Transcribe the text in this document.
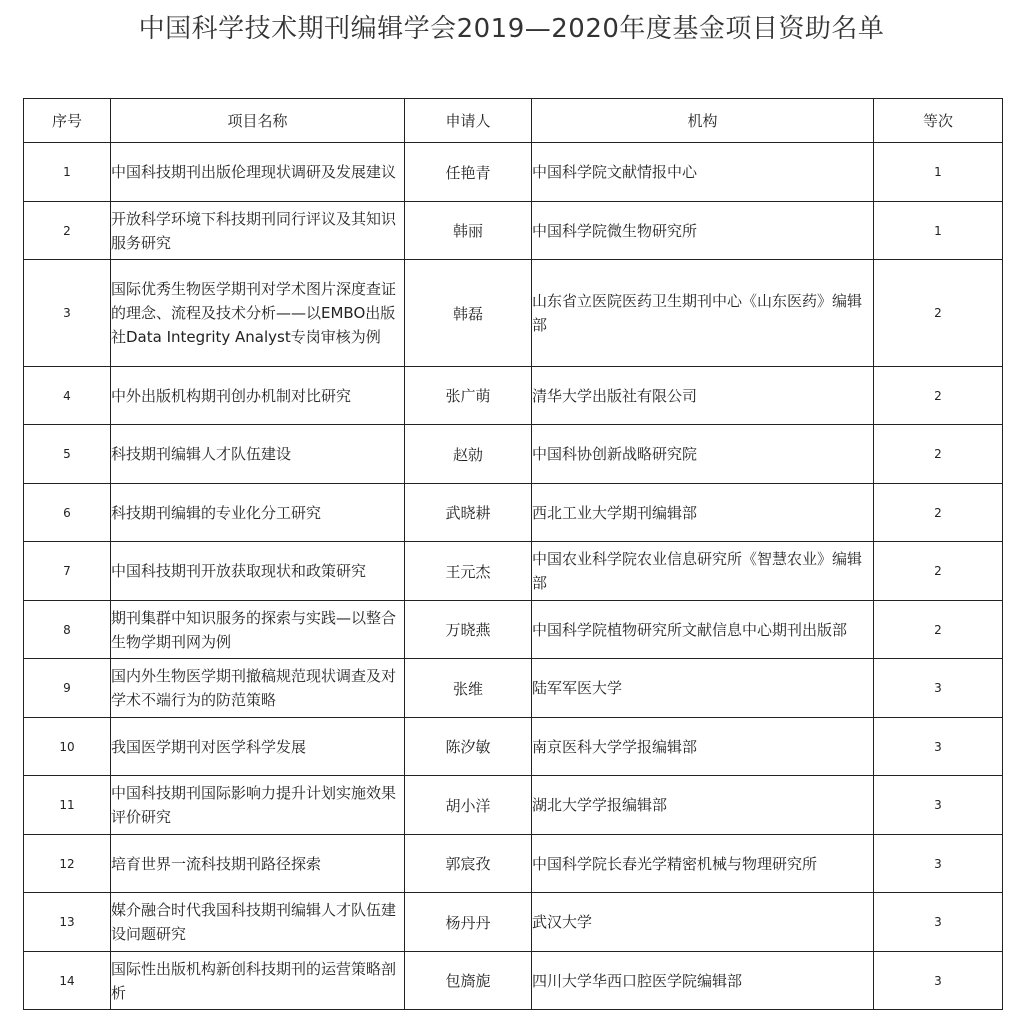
中国科学技术期刊编辑学会2019—2020年度基金项目资助名单
序号	项目名称	申请人	机构	等次
1	中国科技期刊出版伦理现状调研及发展建议	任艳青	中国科学院文献情报中心	1
2	开放科学环境下科技期刊同行评议及其知识服务研究	韩丽	中国科学院微生物研究所	1
3	国际优秀生物医学期刊对学术图片深度查证的理念、流程及技术分析——以EMBO出版社Data Integrity Analyst专岗审核为例	韩磊	山东省立医院医药卫生期刊中心《山东医药》编辑部	2
4	中外出版机构期刊创办机制对比研究	张广萌	清华大学出版社有限公司	2
5	科技期刊编辑人才队伍建设	赵勍	中国科协创新战略研究院	2
6	科技期刊编辑的专业化分工研究	武晓耕	西北工业大学期刊编辑部	2
7	中国科技期刊开放获取现状和政策研究	王元杰	中国农业科学院农业信息研究所《智慧农业》编辑部	2
8	期刊集群中知识服务的探索与实践—以整合生物学期刊网为例	万晓燕	中国科学院植物研究所文献信息中心期刊出版部	2
9	国内外生物医学期刊撤稿规范现状调查及对学术不端行为的防范策略	张维	陆军军医大学	3
10	我国医学期刊对医学科学发展	陈汐敏	南京医科大学学报编辑部	3
11	中国科技期刊国际影响力提升计划实施效果评价研究	胡小洋	湖北大学学报编辑部	3
12	培育世界一流科技期刊路径探索	郭宸孜	中国科学院长春光学精密机械与物理研究所	3
13	媒介融合时代我国科技期刊编辑人才队伍建设问题研究	杨丹丹	武汉大学	3
14	国际性出版机构新创科技期刊的运营策略剖析	包旖旎	四川大学华西口腔医学院编辑部	3
